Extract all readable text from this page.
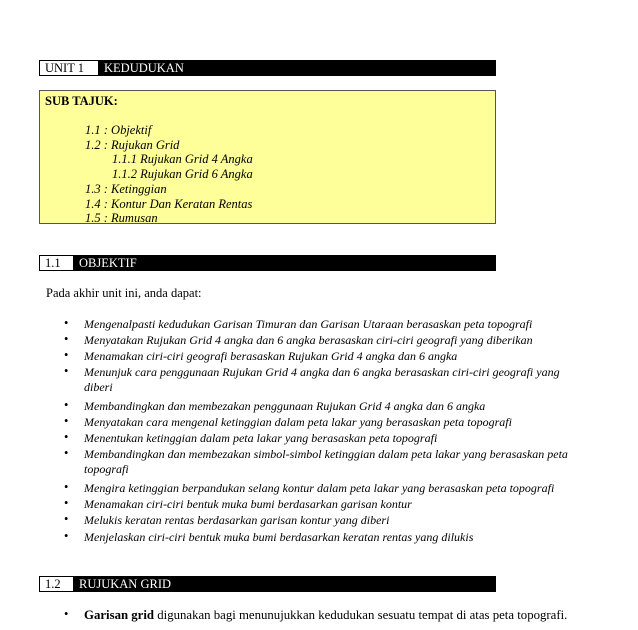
UNIT 1	KEDUDUKAN
SUB TAJUK:
1.1 : Objektif
1.2 : Rujukan Grid
1.1.1 Rujukan Grid 4 Angka
1.1.2 Rujukan Grid 6 Angka
1.3 : Ketinggian
1.4 : Kontur Dan Keratan Rentas
1.5 : Rumusan
1.1	OBJEKTIF
Pada akhir unit ini, anda dapat:
• Mengenalpasti kedudukan Garisan Timuran dan Garisan Utaraan berasaskan peta topografi
• Menyatakan Rujukan Grid 4 angka dan 6 angka berasaskan ciri-ciri geografi yang diberikan
• Menamakan ciri-ciri geografi berasaskan Rujukan Grid 4 angka dan 6 angka
• Menunjuk cara penggunaan Rujukan Grid 4 angka dan 6 angka berasaskan ciri-ciri geografi yang diberi
• Membandingkan dan membezakan penggunaan Rujukan Grid 4 angka dan 6 angka
• Menyatakan cara mengenal ketinggian dalam peta lakar yang berasaskan peta topografi
• Menentukan ketinggian dalam peta lakar yang berasaskan peta topografi
• Membandingkan dan membezakan simbol-simbol ketinggian dalam peta lakar yang berasaskan peta topografi
• Mengira ketinggian berpandukan selang kontur dalam peta lakar yang berasaskan peta topografi
• Menamakan ciri-ciri bentuk muka bumi berdasarkan garisan kontur
• Melukis keratan rentas berdasarkan garisan kontur yang diberi
• Menjelaskan ciri-ciri bentuk muka bumi berdasarkan keratan rentas yang dilukis
1.2	RUJUKAN GRID
• Garisan grid digunakan bagi menunujukkan kedudukan sesuatu tempat di atas peta topografi.
